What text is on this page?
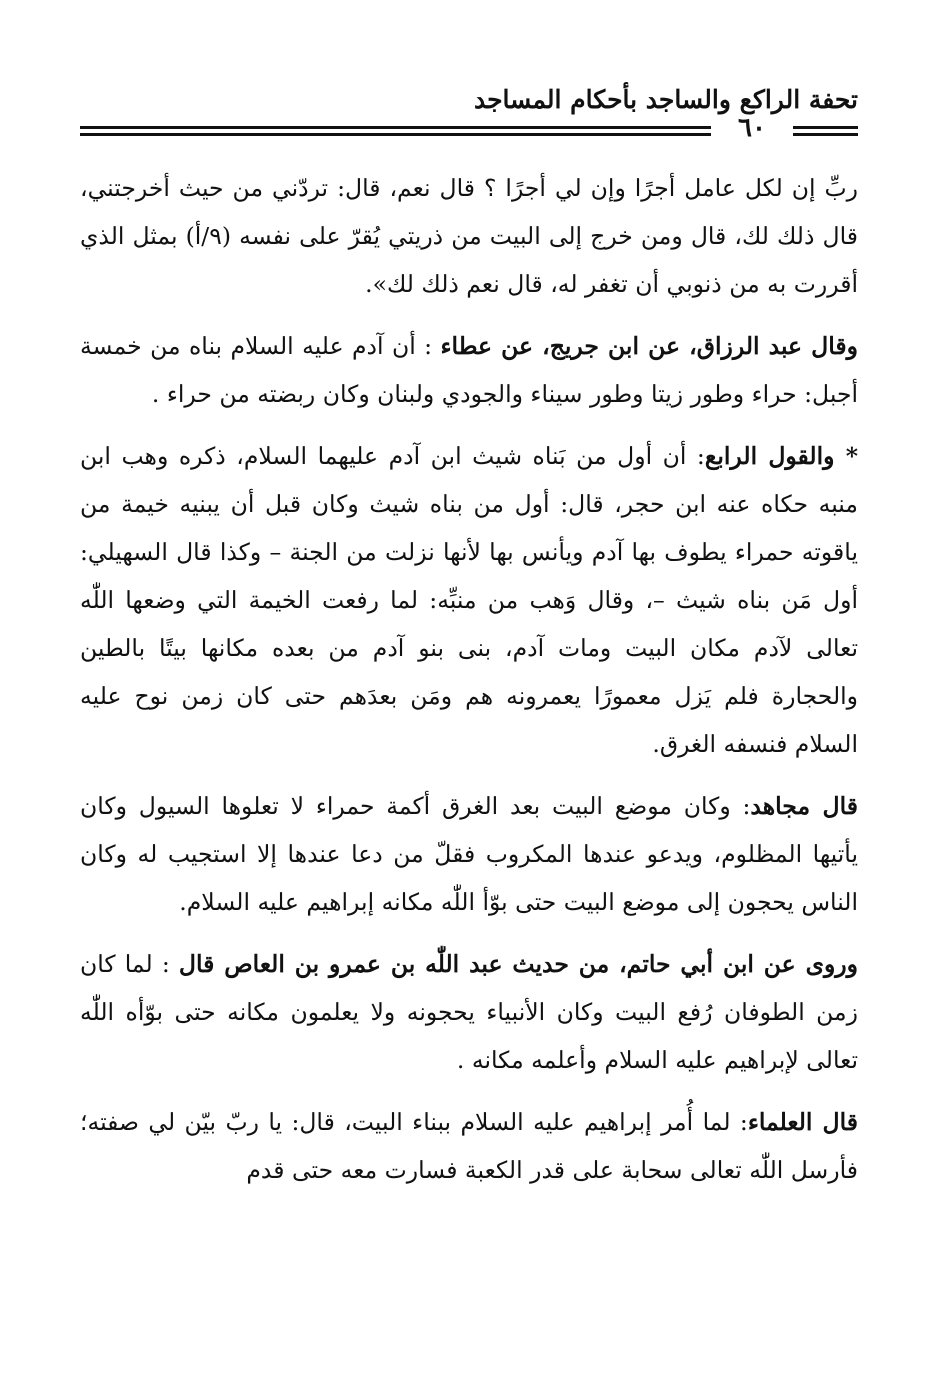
تحفة الراكع والساجد بأحكام المساجد
٦٠

ربِّ إن لكل عامل أجرًا وإن لي أجرًا ؟ قال نعم، قال: تردّني من حيث أخرجتني، قال ذلك لك، قال ومن خرج إلى البيت من ذريتي يُقرّ على نفسه (٩/أ) بمثل الذي أقررت به من ذنوبي أن تغفر له، قال نعم ذلك لك».

وقال عبد الرزاق، عن ابن جريج، عن عطاء : أن آدم عليه السلام بناه من خمسة أجبل: حراء وطور زيتا وطور سيناء والجودي ولبنان وكان ربضته من حراء .

* والقول الرابع: أن أول من بَناه شيث ابن آدم عليهما السلام، ذكره وهب ابن منبه حكاه عنه ابن حجر، قال: أول من بناه شيث وكان قبل أن يبنيه خيمة من ياقوته حمراء يطوف بها آدم ويأنس بها لأنها نزلت من الجنة – وكذا قال السهيلي: أول مَن بناه شيث –، وقال وَهب من منبِّه: لما رفعت الخيمة التي وضعها اللّٰه تعالى لآدم مكان البيت ومات آدم، بنى بنو آدم من بعده مكانها بيتًا بالطين والحجارة فلم يَزل معمورًا يعمرونه هم ومَن بعدَهم حتى كان زمن نوح عليه السلام فنسفه الغرق.

قال مجاهد: وكان موضع البيت بعد الغرق أكمة حمراء لا تعلوها السيول وكان يأتيها المظلوم، ويدعو عندها المكروب فقلّ من دعا عندها إلا استجيب له وكان الناس يحجون إلى موضع البيت حتى بوّأ اللّٰه مكانه إبراهيم عليه السلام.

وروى عن ابن أبي حاتم، من حديث عبد اللّٰه بن عمرو بن العاص قال : لما كان زمن الطوفان رُفع البيت وكان الأنبياء يحجونه ولا يعلمون مكانه حتى بوّأه اللّٰه تعالى لإبراهيم عليه السلام وأعلمه مكانه .

قال العلماء: لما أُمر إبراهيم عليه السلام ببناء البيت، قال: يا ربّ بيّن لي صفته؛ فأرسل اللّٰه تعالى سحابة على قدر الكعبة فسارت معه حتى قدم
